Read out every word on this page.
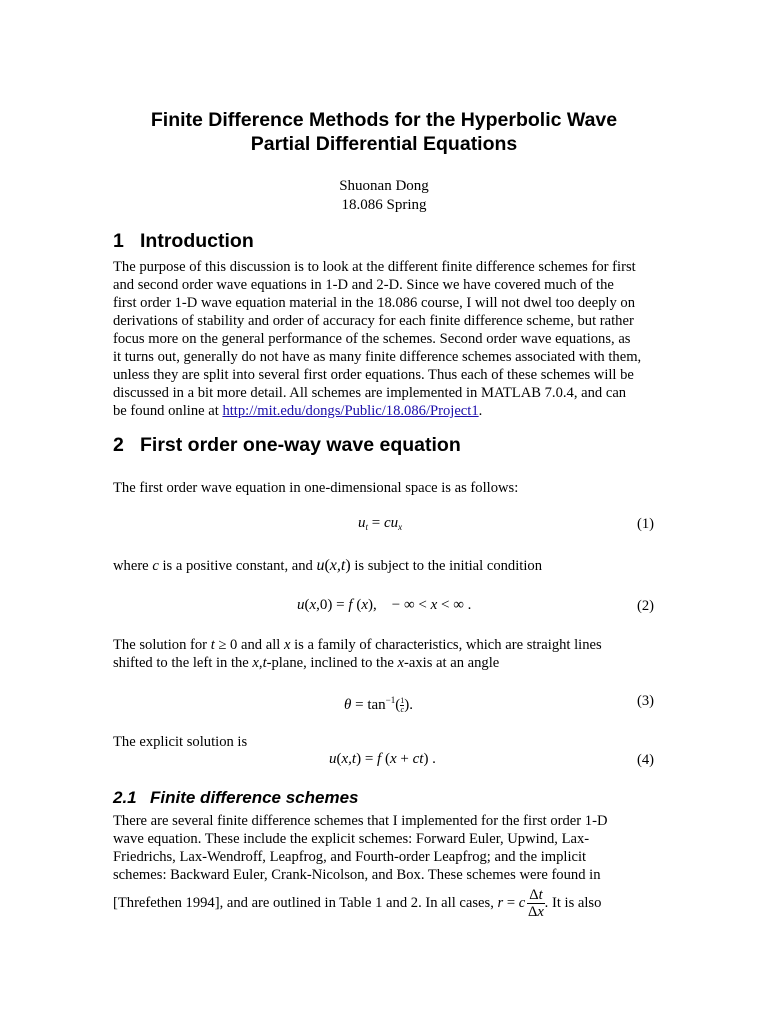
Finite Difference Methods for the Hyperbolic Wave
Partial Differential Equations
Shuonan Dong
18.086 Spring
1 Introduction
The purpose of this discussion is to look at the different finite difference schemes for first
and second order wave equations in 1-D and 2-D. Since we have covered much of the
first order 1-D wave equation material in the 18.086 course, I will not dwel too deeply on
derivations of stability and order of accuracy for each finite difference scheme, but rather
focus more on the general performance of the schemes. Second order wave equations, as
it turns out, generally do not have as many finite difference schemes associated with them,
unless they are split into several first order equations. Thus each of these schemes will be
discussed in a bit more detail. All schemes are implemented in MATLAB 7.0.4, and can
be found online at http://mit.edu/dongs/Public/18.086/Project1.
2 First order one-way wave equation
The first order wave equation in one-dimensional space is as follows:
$u_t = cu_x$	(1)
where c is a positive constant, and u(x,t) is subject to the initial condition
u(x,0) = f (x),    − ∞ < x < ∞ .	(2)
The solution for t ≥ 0 and all x is a family of characteristics, which are straight lines
shifted to the left in the x,t-plane, inclined to the x-axis at an angle
$\theta = \tan^{-1}( \frac{1}{c})$.	(3)
The explicit solution is
u(x,t) = f (x + ct) .	(4)
2.1 Finite difference schemes
There are several finite difference schemes that I implemented for the first order 1-D
wave equation. These include the explicit schemes: Forward Euler, Upwind, Lax-
Friedrichs, Lax-Wendroff, Leapfrog, and Fourth-order Leapfrog; and the implicit
schemes: Backward Euler, Crank-Nicolson, and Box. These schemes were found in
[Threfethen 1994], and are outlined in Table 1 and 2. In all cases, r = c $\frac{\Delta t}{\Delta x}$ . It is also
